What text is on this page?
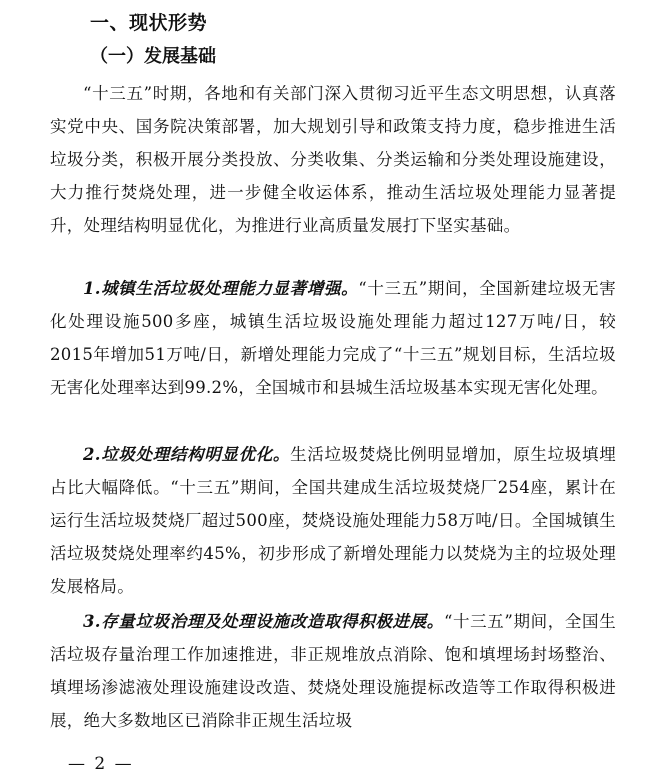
一、现状形势
（一）发展基础

“十三五”时期，各地和有关部门深入贯彻习近平生态文明思想，认真落实党中央、国务院决策部署，加大规划引导和政策支持力度，稳步推进生活垃圾分类，积极开展分类投放、分类收集、分类运输和分类处理设施建设，大力推行焚烧处理，进一步健全收运体系，推动生活垃圾处理能力显著提升，处理结构明显优化，为推进行业高质量发展打下坚实基础。

1.城镇生活垃圾处理能力显著增强。“十三五”期间，全国新建垃圾无害化处理设施500多座，城镇生活垃圾设施处理能力超过127万吨/日，较2015年增加51万吨/日，新增处理能力完成了“十三五”规划目标，生活垃圾无害化处理率达到99.2%，全国城市和县城生活垃圾基本实现无害化处理。

2.垃圾处理结构明显优化。生活垃圾焚烧比例明显增加，原生垃圾填埋占比大幅降低。“十三五”期间，全国共建成生活垃圾焚烧厂254座，累计在运行生活垃圾焚烧厂超过500座，焚烧设施处理能力58万吨/日。全国城镇生活垃圾焚烧处理率约45%，初步形成了新增处理能力以焚烧为主的垃圾处理发展格局。

3.存量垃圾治理及处理设施改造取得积极进展。“十三五”期间，全国生活垃圾存量治理工作加速推进，非正规堆放点消除、饱和填埋场封场整治、填埋场渗滤液处理设施建设改造、焚烧处理设施提标改造等工作取得积极进展，绝大多数地区已消除非正规生活垃圾

— 2 —
